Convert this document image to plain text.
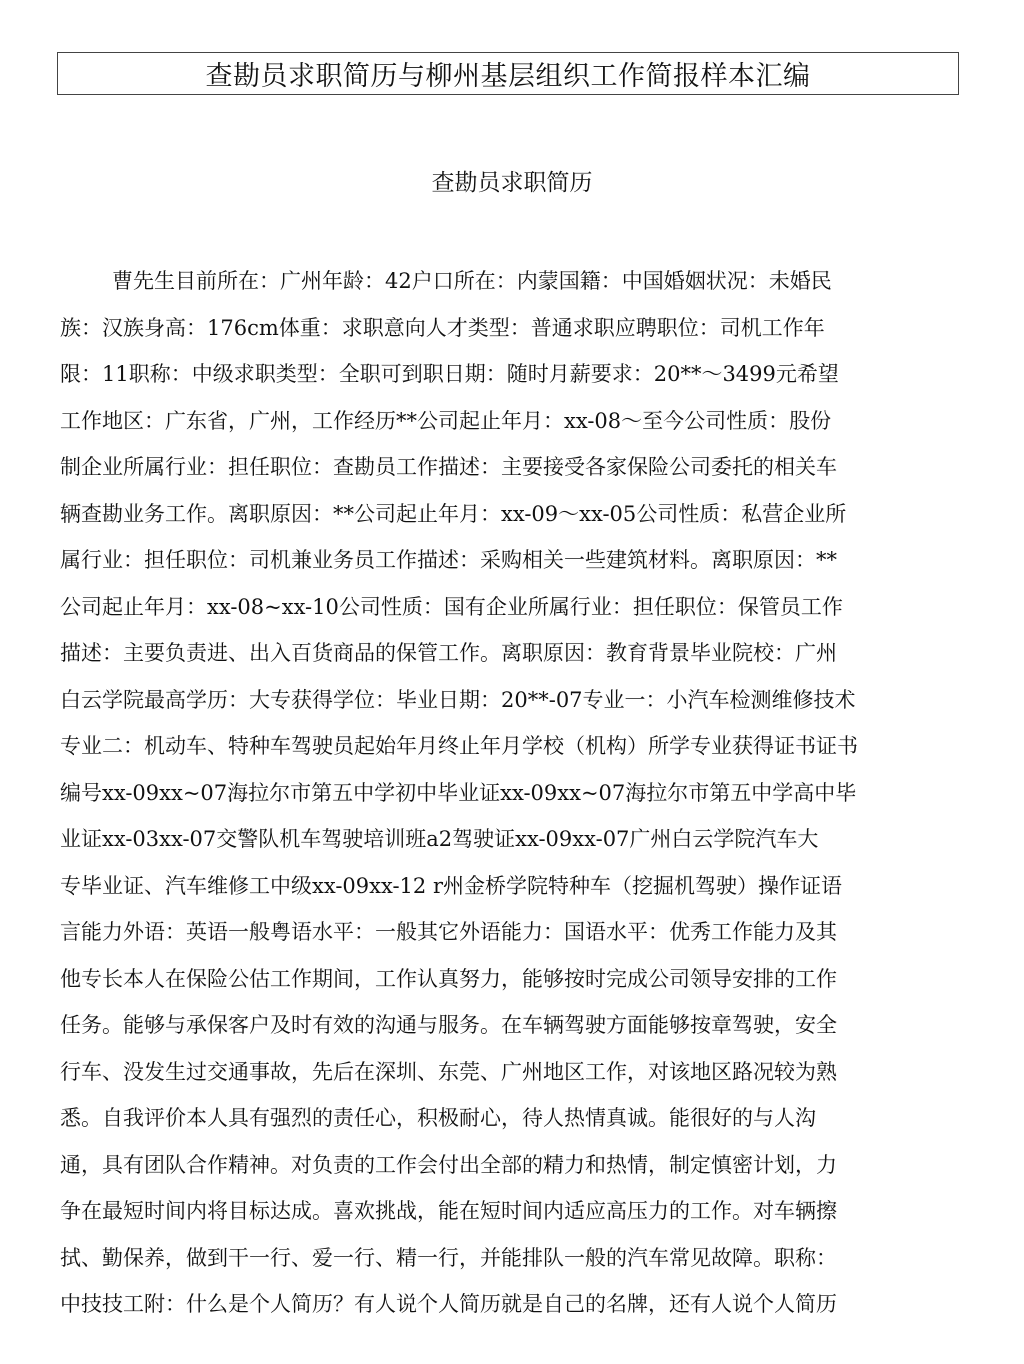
查勘员求职简历与柳州基层组织工作简报样本汇编
查勘员求职简历
曹先生目前所在：广州年龄：42户口所在：内蒙国籍：中国婚姻状况：未婚民
族：汉族身高：176cm体重：求职意向人才类型：普通求职应聘职位：司机工作年
限：11职称：中级求职类型：全职可到职日期：随时月薪要求：20**～3499元希望
工作地区：广东省，广州，工作经历**公司起止年月：xx-08～至今公司性质：股份
制企业所属行业：担任职位：查勘员工作描述：主要接受各家保险公司委托的相关车
辆查勘业务工作。离职原因：**公司起止年月：xx-09～xx-05公司性质：私营企业所
属行业：担任职位：司机兼业务员工作描述：采购相关一些建筑材料。离职原因：**
公司起止年月：xx-08~xx-10公司性质：国有企业所属行业：担任职位：保管员工作
描述：主要负责进、出入百货商品的保管工作。离职原因：教育背景毕业院校：广州
白云学院最高学历：大专获得学位：毕业日期：20**-07专业一：小汽车检测维修技术
专业二：机动车、特种车驾驶员起始年月终止年月学校（机构）所学专业获得证书证书
编号xx-09xx~07海拉尔市第五中学初中毕业证xx-09xx~07海拉尔市第五中学高中毕
业证xx-03xx-07交警队机车驾驶培训班a2驾驶证xx-09xx-07广州白云学院汽车大
专毕业证、汽车维修工中级xx-09xx-12 r州金桥学院特种车（挖掘机驾驶）操作证语
言能力外语：英语一般粤语水平：一般其它外语能力：国语水平：优秀工作能力及其
他专长本人在保险公估工作期间，工作认真努力，能够按时完成公司领导安排的工作
任务。能够与承保客户及时有效的沟通与服务。在车辆驾驶方面能够按章驾驶，安全
行车、没发生过交通事故，先后在深圳、东莞、广州地区工作，对该地区路况较为熟
悉。自我评价本人具有强烈的责任心，积极耐心，待人热情真诚。能很好的与人沟
通，具有团队合作精神。对负责的工作会付出全部的精力和热情，制定慎密计划，力
争在最短时间内将目标达成。喜欢挑战，能在短时间内适应高压力的工作。对车辆擦
拭、勤保养，做到干一行、爱一行、精一行，并能排队一般的汽车常见故障。职称：
中技技工附：什么是个人简历？有人说个人简历就是自己的名牌，还有人说个人简历
